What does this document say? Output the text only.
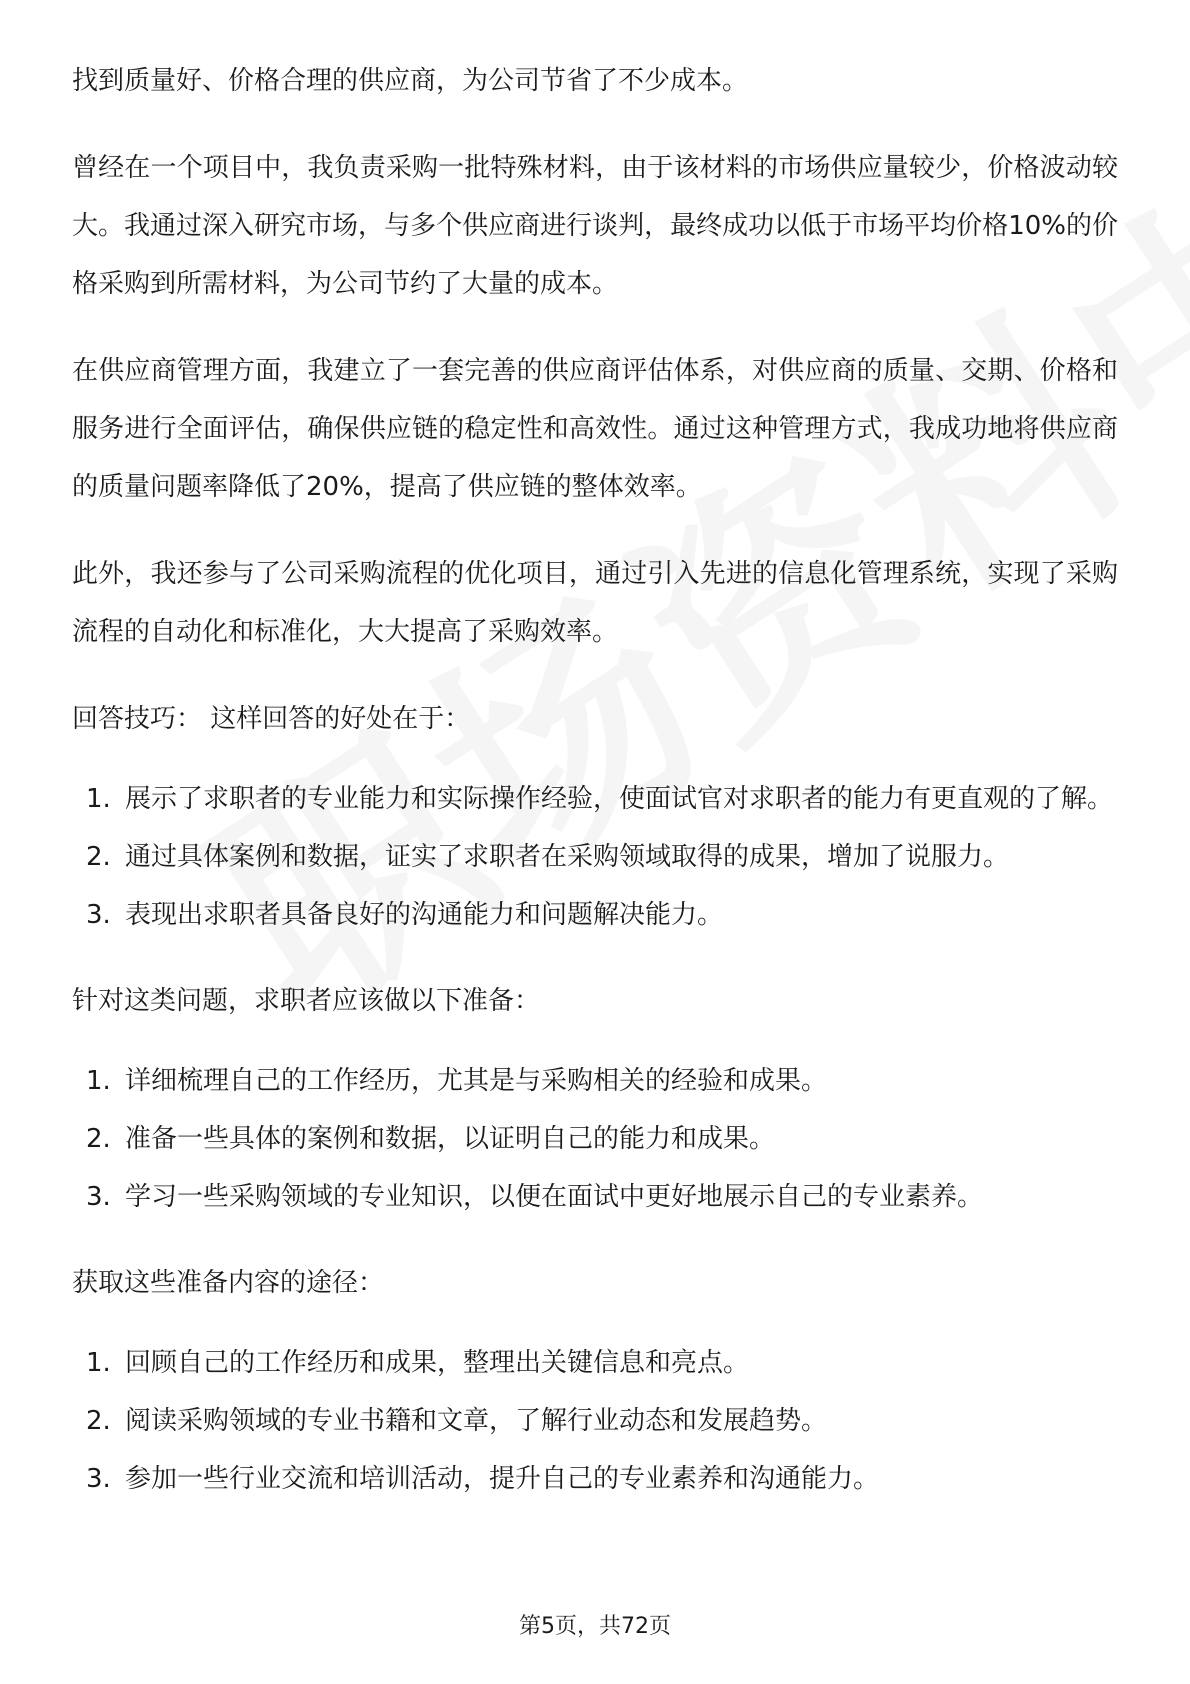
找到质量好、价格合理的供应商，为公司节省了不少成本。

曾经在一个项目中，我负责采购一批特殊材料，由于该材料的市场供应量较少，价格波动较大。我通过深入研究市场，与多个供应商进行谈判，最终成功以低于市场平均价格10%的价格采购到所需材料，为公司节约了大量的成本。

在供应商管理方面，我建立了一套完善的供应商评估体系，对供应商的质量、交期、价格和服务进行全面评估，确保供应链的稳定性和高效性。通过这种管理方式，我成功地将供应商的质量问题率降低了20%，提高了供应链的整体效率。

此外，我还参与了公司采购流程的优化项目，通过引入先进的信息化管理系统，实现了采购流程的自动化和标准化，大大提高了采购效率。

回答技巧： 这样回答的好处在于：
1. 展示了求职者的专业能力和实际操作经验，使面试官对求职者的能力有更直观的了解。
2. 通过具体案例和数据，证实了求职者在采购领域取得的成果，增加了说服力。
3. 表现出求职者具备良好的沟通能力和问题解决能力。
针对这类问题，求职者应该做以下准备：
1. 详细梳理自己的工作经历，尤其是与采购相关的经验和成果。
2. 准备一些具体的案例和数据，以证明自己的能力和成果。
3. 学习一些采购领域的专业知识，以便在面试中更好地展示自己的专业素养。
获取这些准备内容的途径：
1. 回顾自己的工作经历和成果，整理出关键信息和亮点。
2. 阅读采购领域的专业书籍和文章，了解行业动态和发展趋势。
3. 参加一些行业交流和培训活动，提升自己的专业素养和沟通能力。
第5页，共72页
